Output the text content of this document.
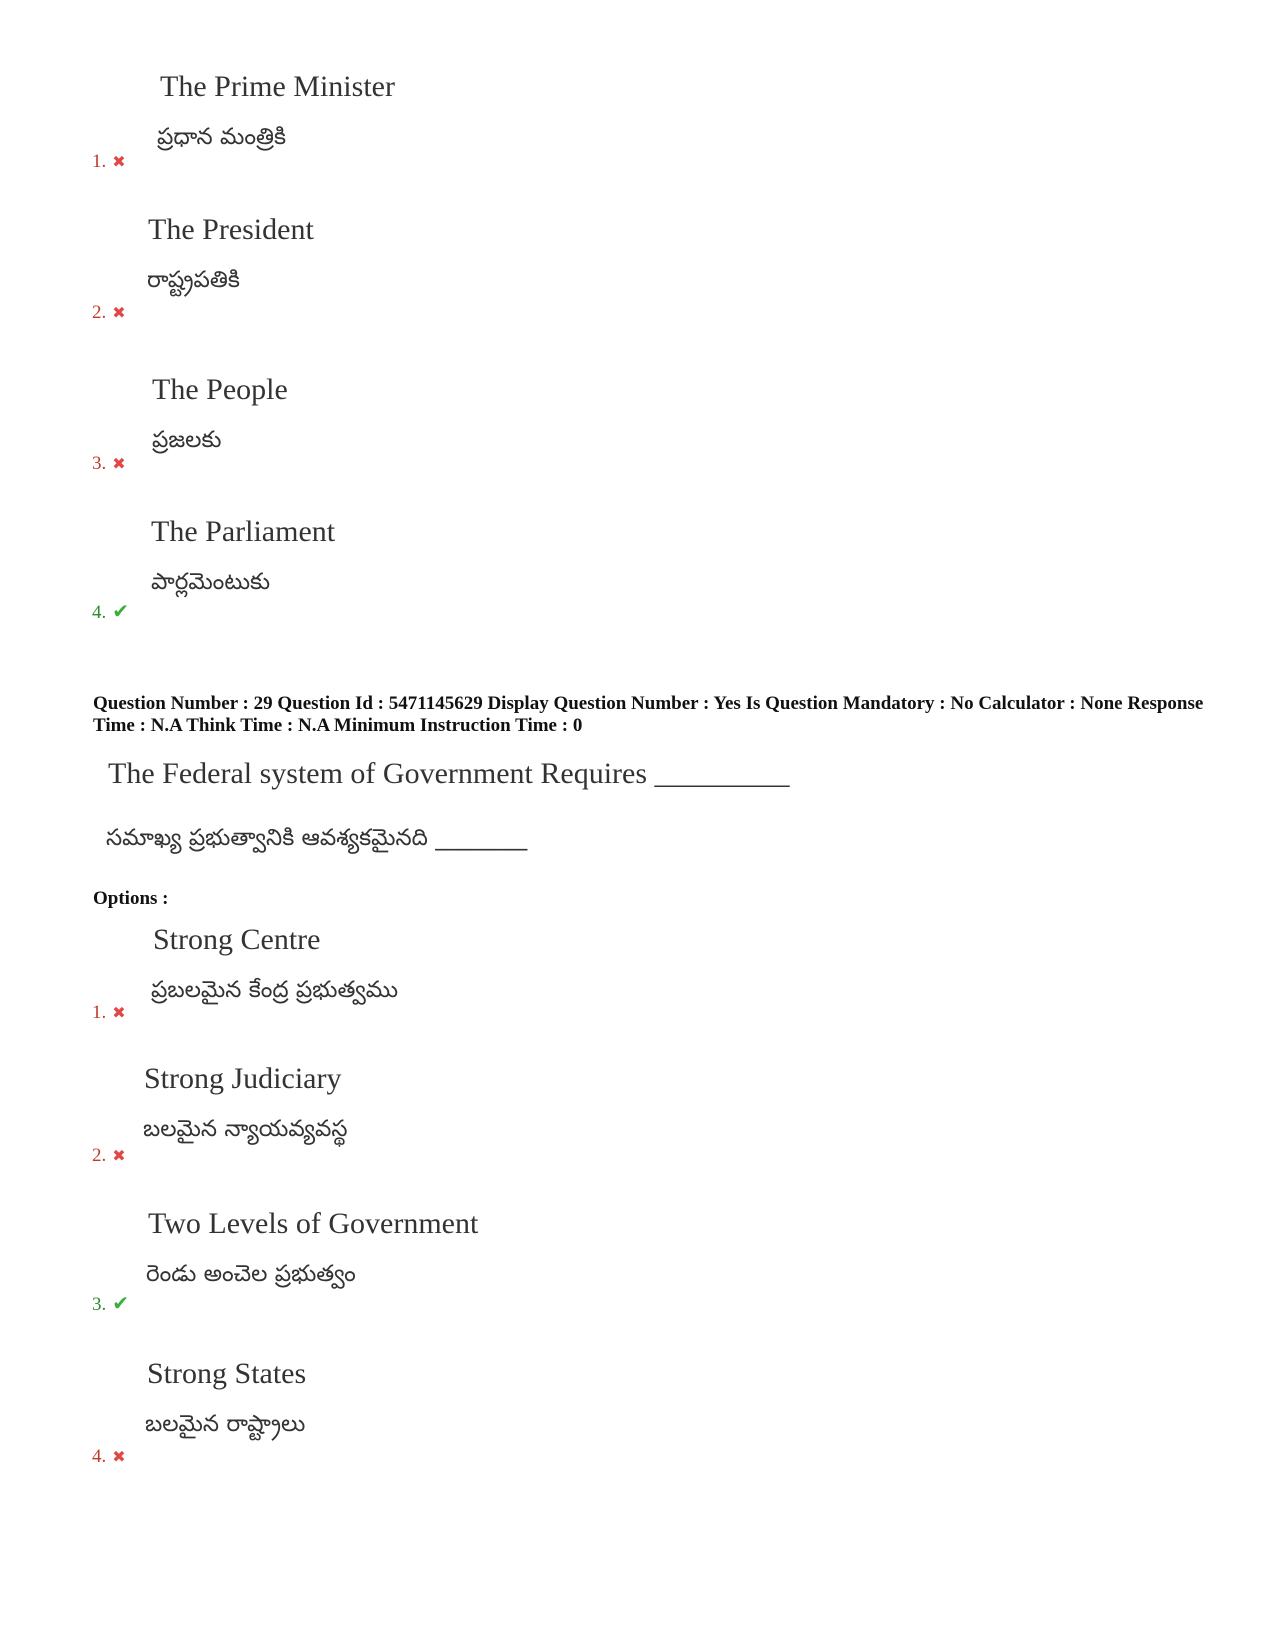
The Prime Minister
ప్రధాన మంత్రికి
1. ✖
The President
రాష్ట్రపతికి
2. ✖
The People
ప్రజలకు
3. ✖
The Parliament
పార్లమెంటుకు
4. ✔
Question Number : 29 Question Id : 5471145629 Display Question Number : Yes Is Question Mandatory : No Calculator : None Response Time : N.A Think Time : N.A Minimum Instruction Time : 0
The Federal system of Government Requires _________
సమాఖ్య ప్రభుత్వానికి ఆవశ్యకమైనది ________
Options :
Strong Centre
ప్రబలమైన కేంద్ర ప్రభుత్వము
1. ✖
Strong Judiciary
బలమైన న్యాయవ్యవస్థ
2. ✖
Two Levels of Government
రెండు అంచెల ప్రభుత్వం
3. ✔
Strong States
బలమైన రాష్ట్రాలు
4. ✖
